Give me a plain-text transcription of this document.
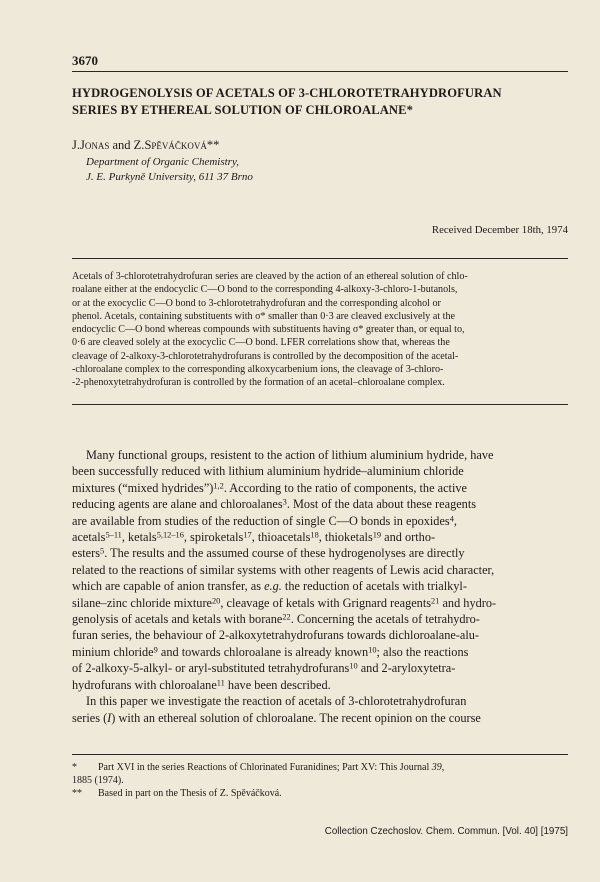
3670
HYDROGENOLYSIS OF ACETALS OF 3-CHLOROTETRAHYDROFURAN
SERIES BY ETHEREAL SOLUTION OF CHLOROALANE*
J.Jonas and Z.Spěváčková**
Department of Organic Chemistry,
J. E. Purkyně University, 611 37 Brno
Received December 18th, 1974
Acetals of 3-chlorotetrahydrofuran series are cleaved by the action of an ethereal solution of chlo-
roalane either at the endocyclic C—O bond to the corresponding 4-alkoxy-3-chloro-1-butanols,
or at the exocyclic C—O bond to 3-chlorotetrahydrofuran and the corresponding alcohol or
phenol. Acetals, containing substituents with σ* smaller than 0·3 are cleaved exclusively at the
endocyclic C—O bond whereas compounds with substituents having σ* greater than, or equal to,
0·6 are cleaved solely at the exocyclic C—O bond. LFER correlations show that, whereas the
cleavage of 2-alkoxy-3-chlorotetrahydrofurans is controlled by the decomposition of the acetal-
-chloroalane complex to the corresponding alkoxycarbenium ions, the cleavage of 3-chloro-
-2-phenoxytetrahydrofuran is controlled by the formation of an acetal–chloroalane complex.
Many functional groups, resistent to the action of lithium aluminium hydride, have
been successfully reduced with lithium aluminium hydride–aluminium chloride
mixtures (“mixed hydrides”)$^{1,2}$. According to the ratio of components, the active
reducing agents are alane and chloroalanes$^3$. Most of the data about these reagents
are available from studies of the reduction of single C—O bonds in epoxides$^4$,
acetals$^{5-11}$, ketals$^{5,12-16}$, spiroketals$^{17}$, thioacetals$^{18}$, thioketals$^{19}$ and ortho-
esters$^5$. The results and the assumed course of these hydrogenolyses are directly
related to the reactions of similar systems with other reagents of Lewis acid character,
which are capable of anion transfer, as e.g. the reduction of acetals with trialkyl-
silane–zinc chloride mixture$^{20}$, cleavage of ketals with Grignard reagents$^{21}$ and hydro-
genolysis of acetals and ketals with borane$^{22}$. Concerning the acetals of tetrahydro-
furan series, the behaviour of 2-alkoxytetrahydrofurans towards dichloroalane-alu-
minium chloride$^9$ and towards chloroalane is already known$^{10}$; also the reactions
of 2-alkoxy-5-alkyl- or aryl-substituted tetrahydrofurans$^{10}$ and 2-aryloxytetra-
hydrofurans with chloroalane$^{11}$ have been described.
In this paper we investigate the reaction of acetals of 3-chlorotetrahydrofuran
series (I) with an ethereal solution of chloroalane. The recent opinion on the course
* Part XVI in the series Reactions of Chlorinated Furanidines; Part XV: This Journal 39,
1885 (1974).
** Based in part on the Thesis of Z. Spěváčková.
Collection Czechoslov. Chem. Commun. [Vol. 40] [1975]
